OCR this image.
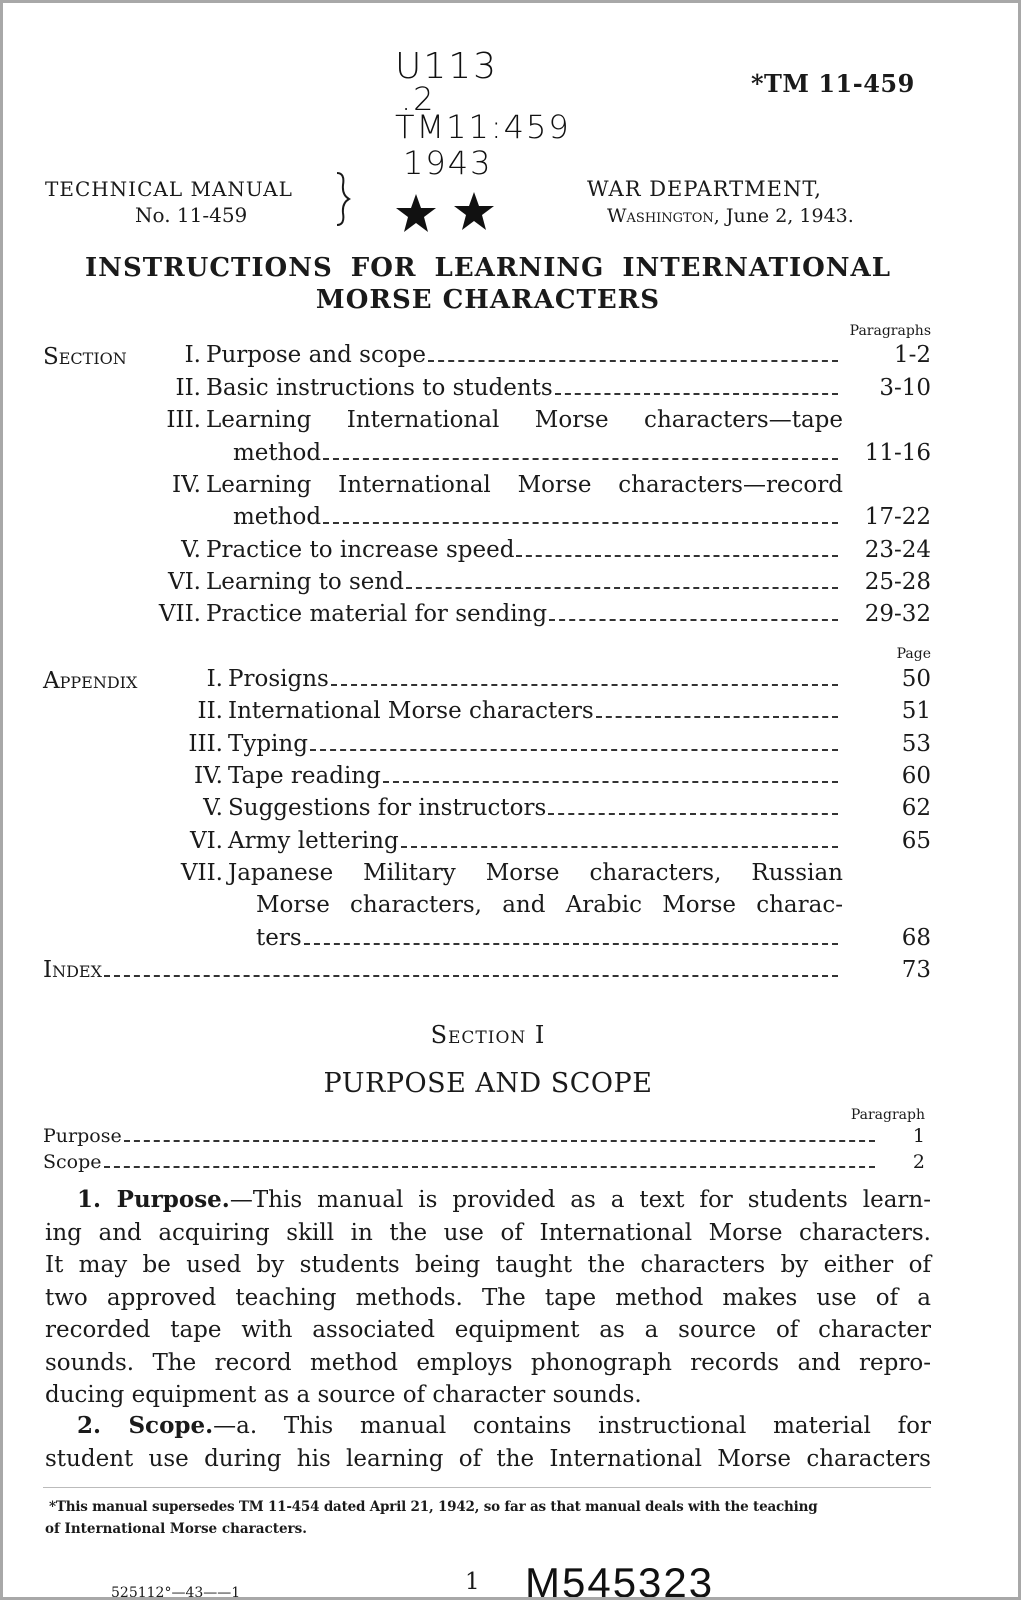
U113
.2
TM11:459
1943
*TM 11-459
TECHNICAL MANUAL
No. 11-459
WAR DEPARTMENT,
Washington, June 2, 1943.
INSTRUCTIONS FOR LEARNING INTERNATIONAL
MORSE CHARACTERS
Paragraphs
Section	I. Purpose and scope	1-2
II. Basic instructions to students	3-10
III. Learning International Morse characters—tape
method	11-16
IV. Learning International Morse characters—record
method	17-22
V. Practice to increase speed	23-24
VI. Learning to send	25-28
VII. Practice material for sending	29-32
Page
Appendix	I. Prosigns	50
II. International Morse characters	51
III. Typing	53
IV. Tape reading	60
V. Suggestions for instructors	62
VI. Army lettering	65
VII. Japanese Military Morse characters, Russian
Morse characters, and Arabic Morse charac-
ters	68
Index	73
Section I
PURPOSE AND SCOPE
Paragraph
Purpose	1
Scope	2
1. Purpose.—This manual is provided as a text for students learn-
ing and acquiring skill in the use of International Morse characters.
It may be used by students being taught the characters by either of
two approved teaching methods. The tape method makes use of a
recorded tape with associated equipment as a source of character
sounds. The record method employs phonograph records and repro-
ducing equipment as a source of character sounds.
2. Scope.—a. This manual contains instructional material for
student use during his learning of the International Morse characters
*This manual supersedes TM 11-454 dated April 21, 1942, so far as that manual deals with the teaching
of International Morse characters.
525112°—43——1	1 M545323
